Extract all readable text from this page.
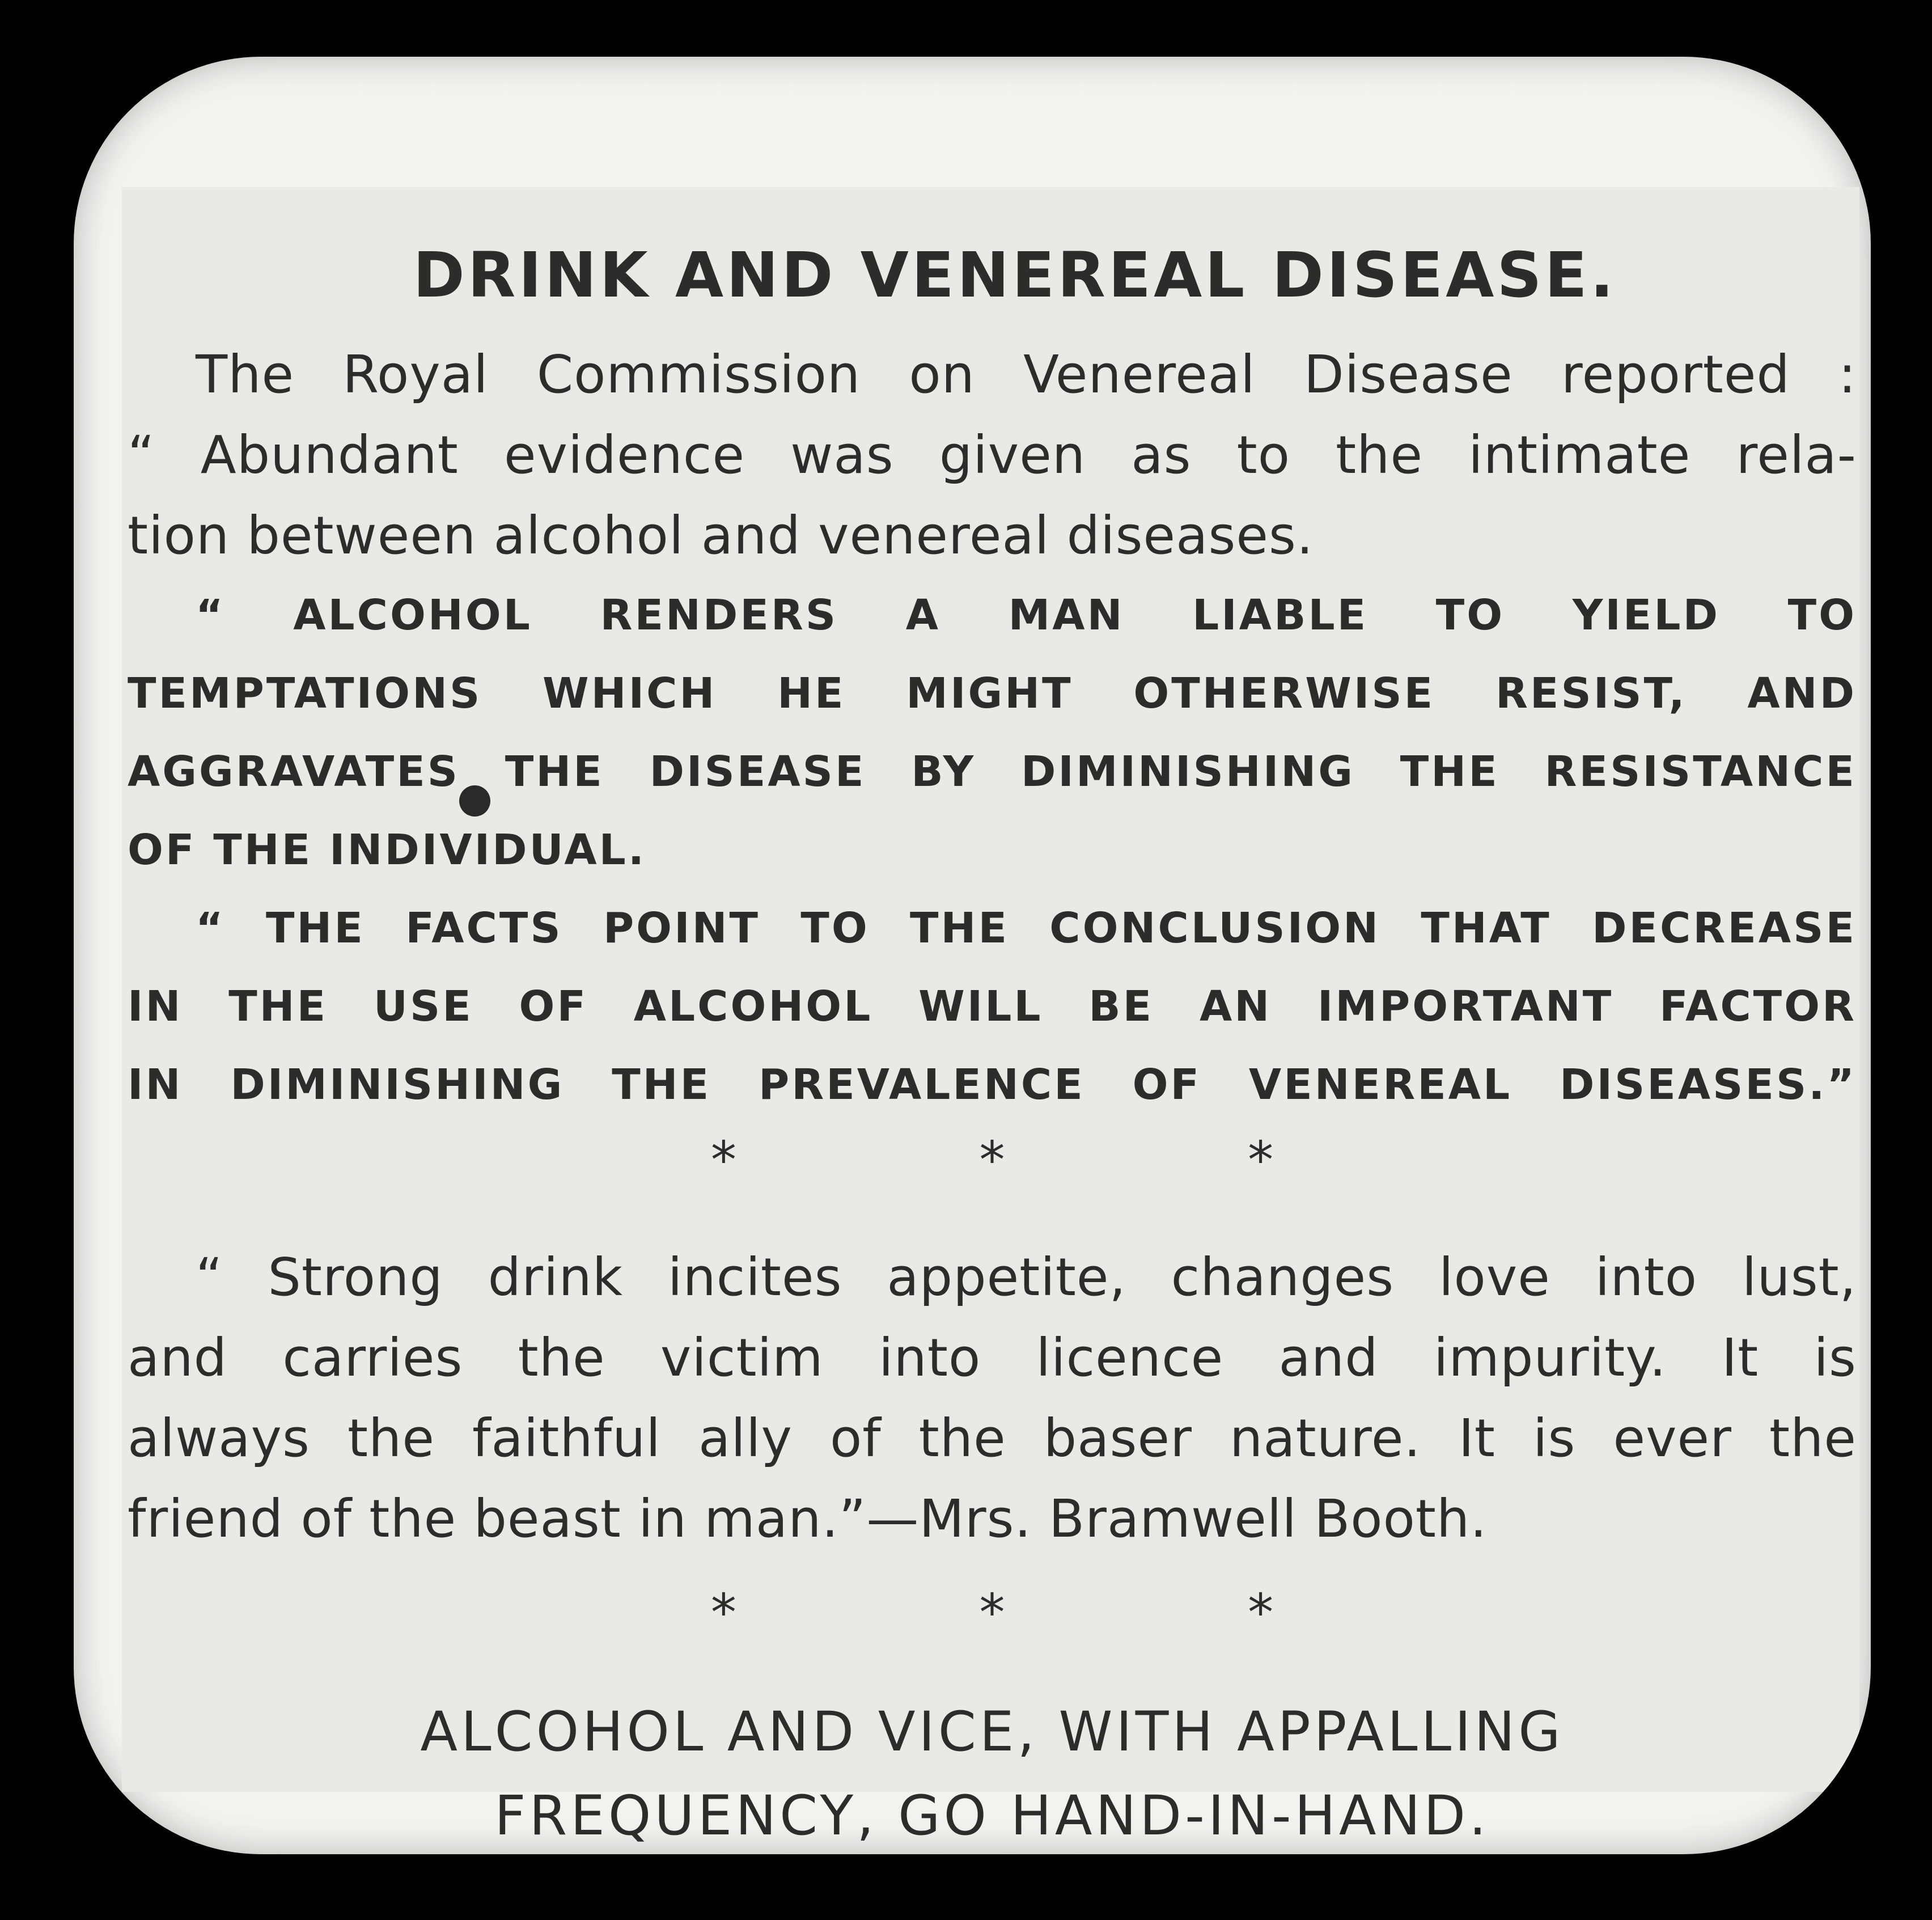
DRINK AND VENEREAL DISEASE.
The Royal Commission on Venereal Disease reported :
“ Abundant evidence was given as to the intimate rela-
tion between alcohol and venereal diseases.
“ ALCOHOL RENDERS A MAN LIABLE TO YIELD TO
TEMPTATIONS WHICH HE MIGHT OTHERWISE RESIST, AND
AGGRAVATES THE DISEASE BY DIMINISHING THE RESISTANCE
OF THE INDIVIDUAL.
“ THE FACTS POINT TO THE CONCLUSION THAT DECREASE
IN THE USE OF ALCOHOL WILL BE AN IMPORTANT FACTOR
IN DIMINISHING THE PREVALENCE OF VENEREAL DISEASES.”
* * *
“ Strong drink incites appetite, changes love into lust,
and carries the victim into licence and impurity. It is
always the faithful ally of the baser nature. It is ever the
friend of the beast in man.”—Mrs. Bramwell Booth.
* * *
ALCOHOL AND VICE, WITH APPALLING
FREQUENCY, GO HAND-IN-HAND.
